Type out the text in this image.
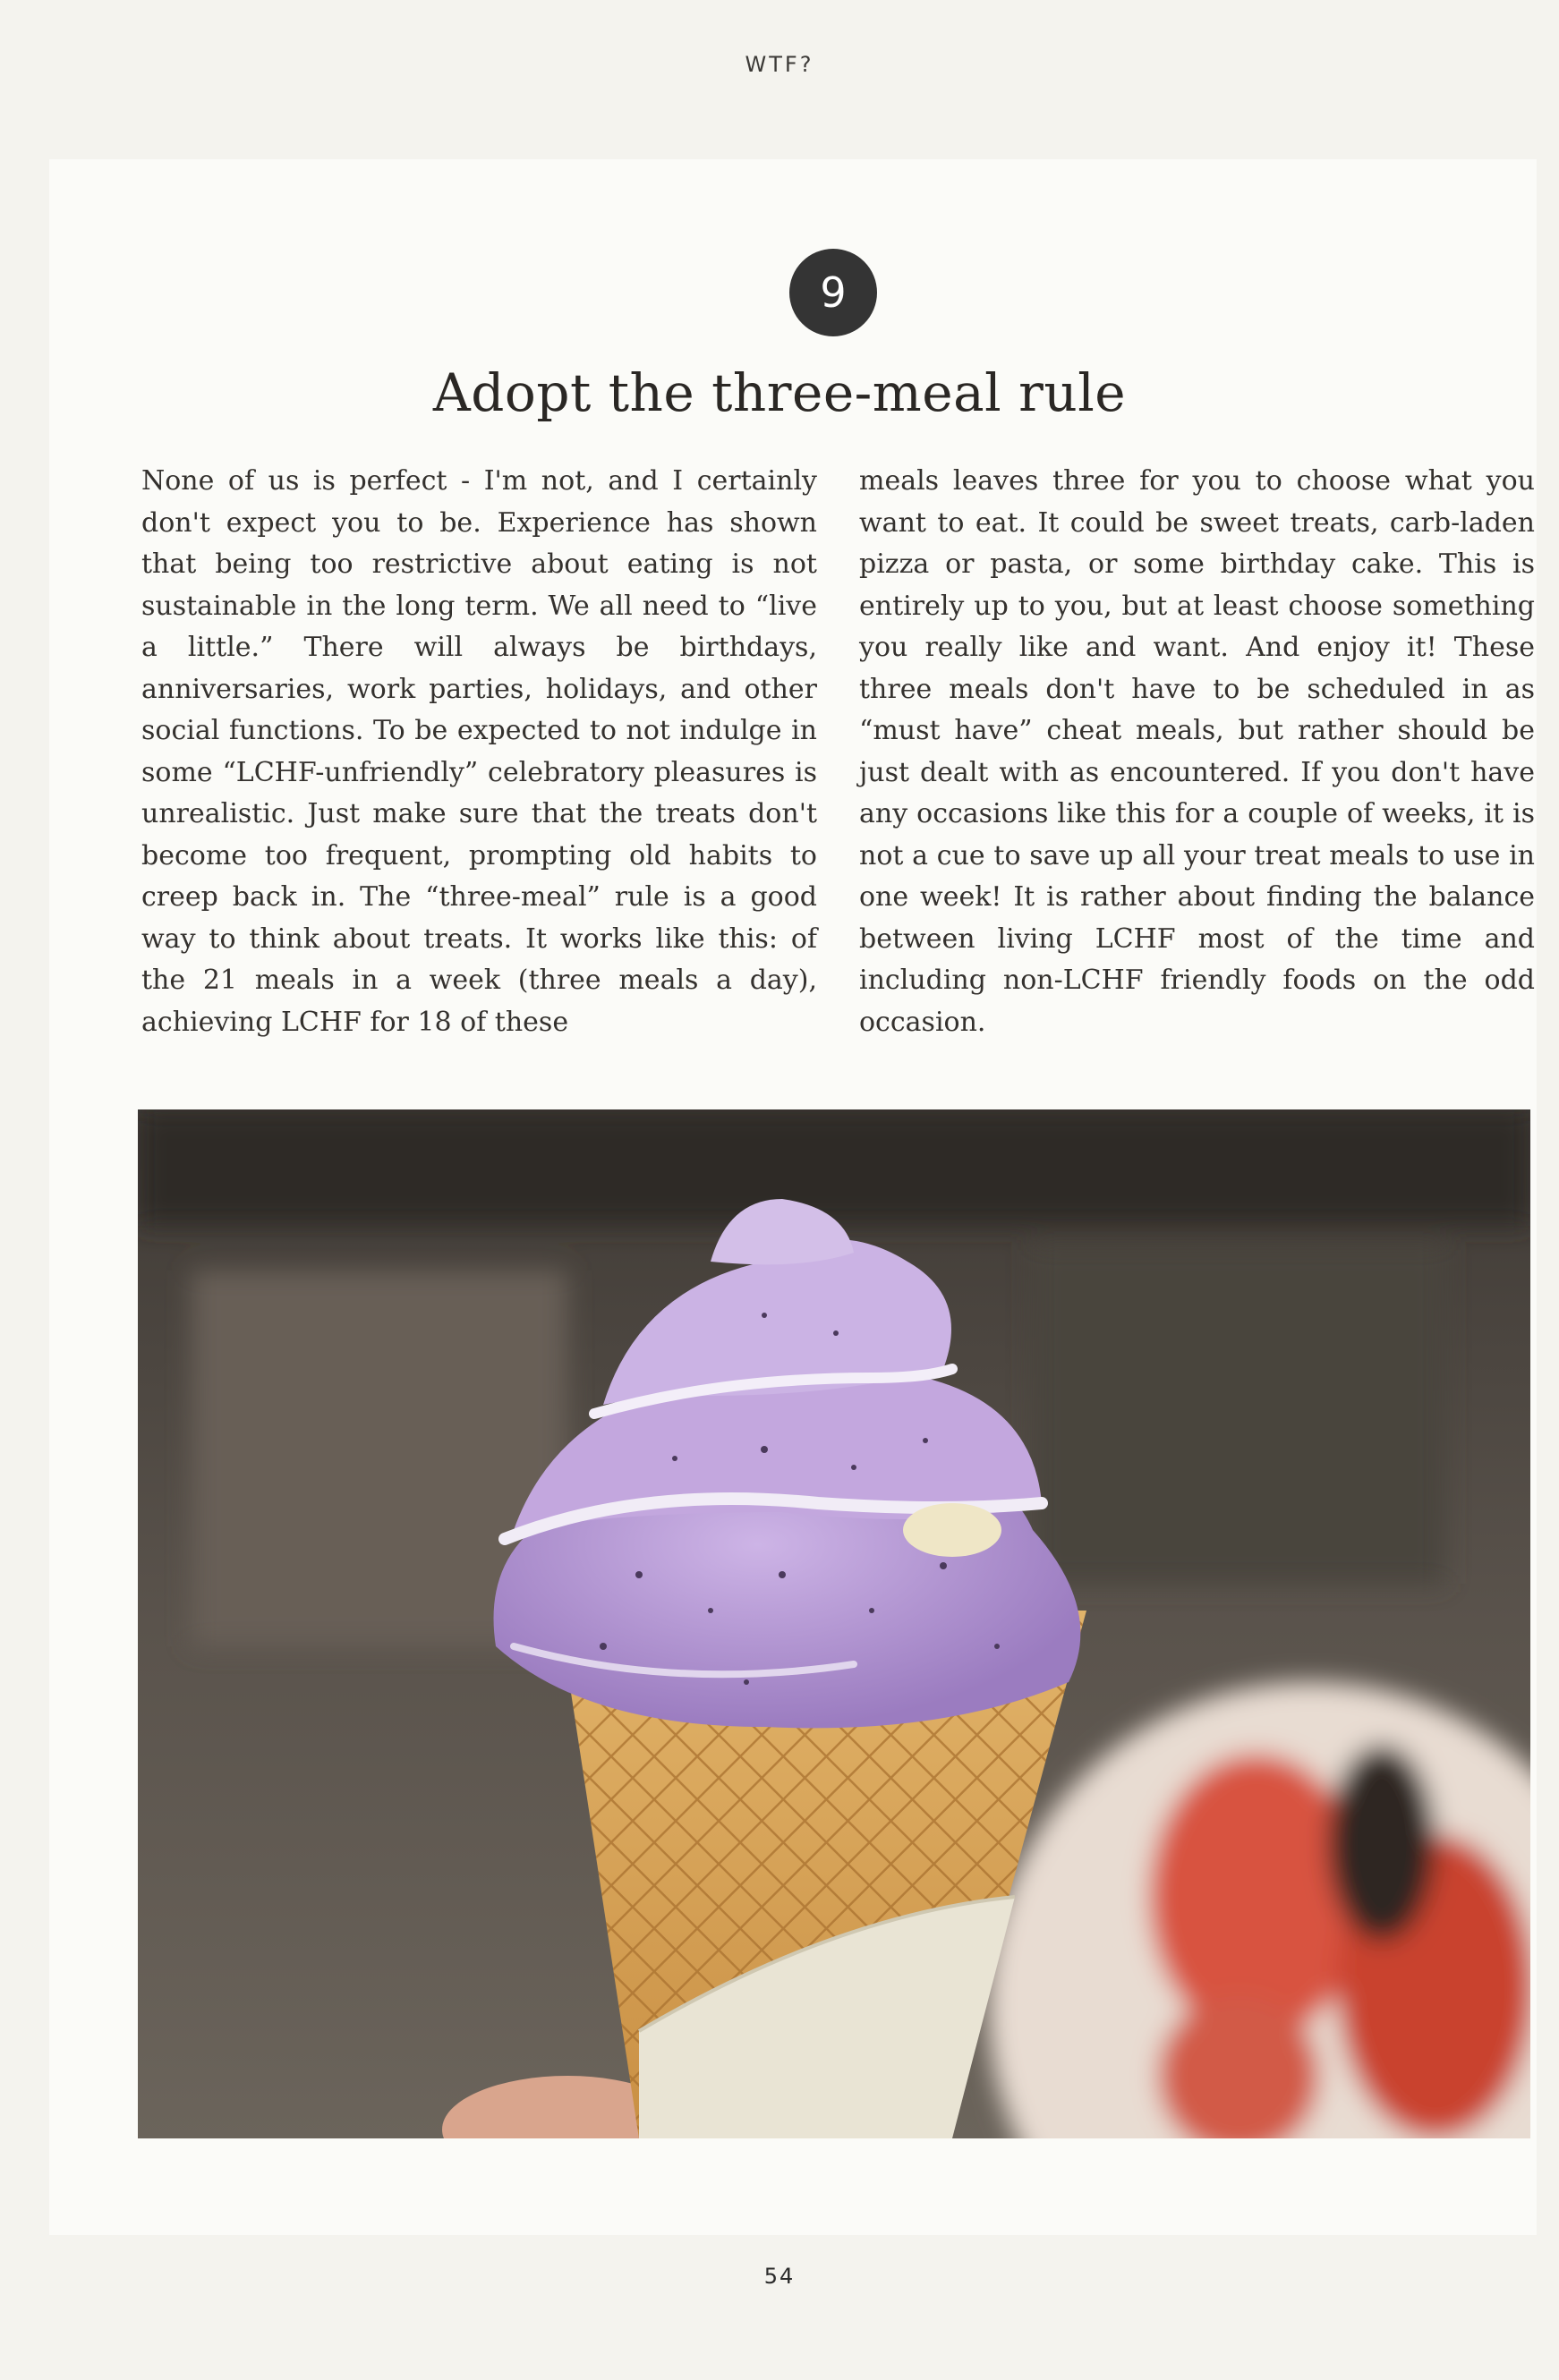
WTF?
9
Adopt the three-meal rule

None of us is perfect - I'm not, and I certainly don't expect you to be. Experience has shown that being too restrictive about eating is not sustainable in the long term. We all need to “live a little.” There will always be birthdays, anniversaries, work parties, holidays, and other social functions. To be expected to not indulge in some “LCHF-unfriendly” celebratory pleasures is unrealistic. Just make sure that the treats don't become too frequent, prompting old habits to creep back in. The “three-meal” rule is a good way to think about treats. It works like this: of the 21 meals in a week (three meals a day), achieving LCHF for 18 of these

meals leaves three for you to choose what you want to eat. It could be sweet treats, carb-laden pizza or pasta, or some birthday cake. This is entirely up to you, but at least choose something you really like and want. And enjoy it! These three meals don't have to be scheduled in as “must have” cheat meals, but rather should be just dealt with as encountered. If you don't have any occasions like this for a couple of weeks, it is not a cue to save up all your treat meals to use in one week! It is rather about finding the balance between living LCHF most of the time and including non-LCHF friendly foods on the odd occasion.

54
